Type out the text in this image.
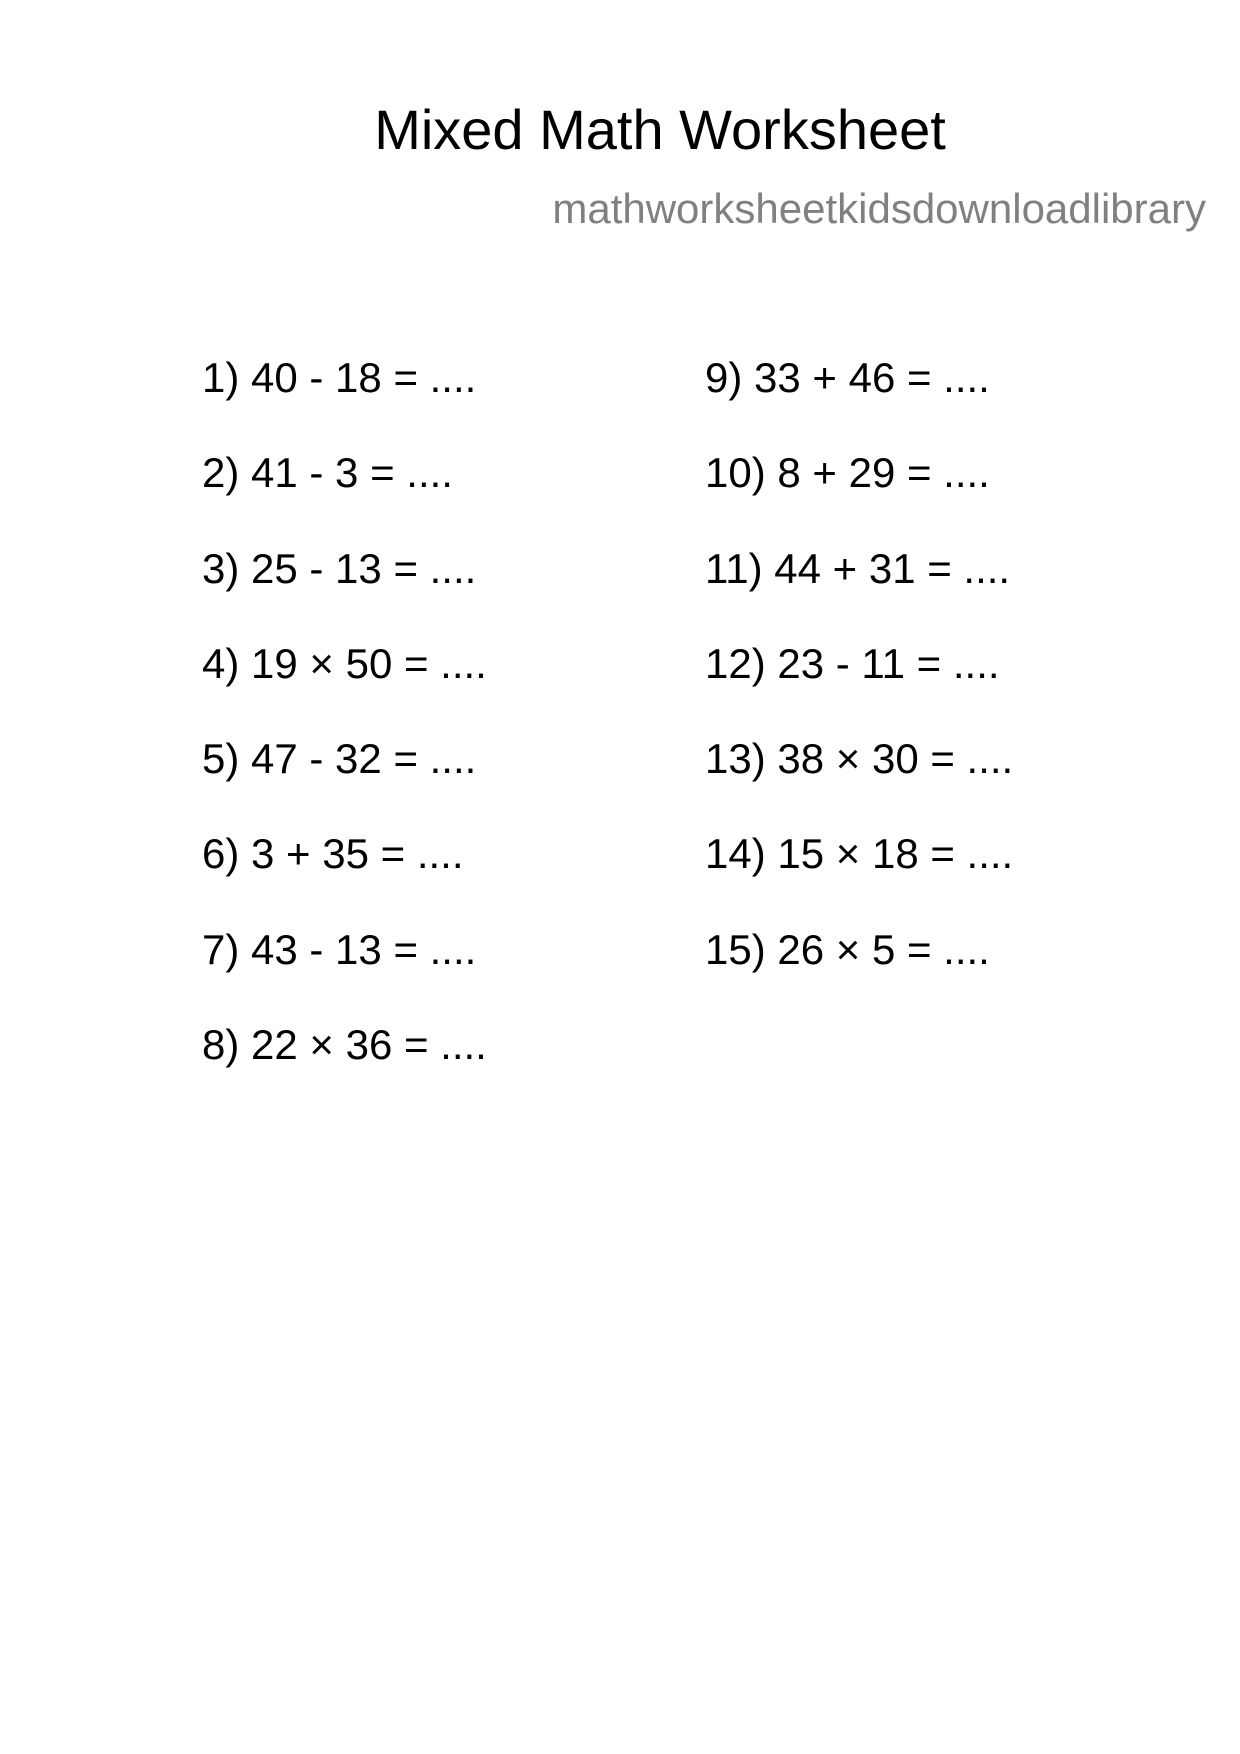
Mixed Math Worksheet
mathworksheetkidsdownloadlibrary
1) 40 - 18 = ....
2) 41 - 3 = ....
3) 25 - 13 = ....
4) 19 × 50 = ....
5) 47 - 32 = ....
6) 3 + 35 = ....
7) 43 - 13 = ....
8) 22 × 36 = ....
9) 33 + 46 = ....
10) 8 + 29 = ....
11) 44 + 31 = ....
12) 23 - 11 = ....
13) 38 × 30 = ....
14) 15 × 18 = ....
15) 26 × 5 = ....
